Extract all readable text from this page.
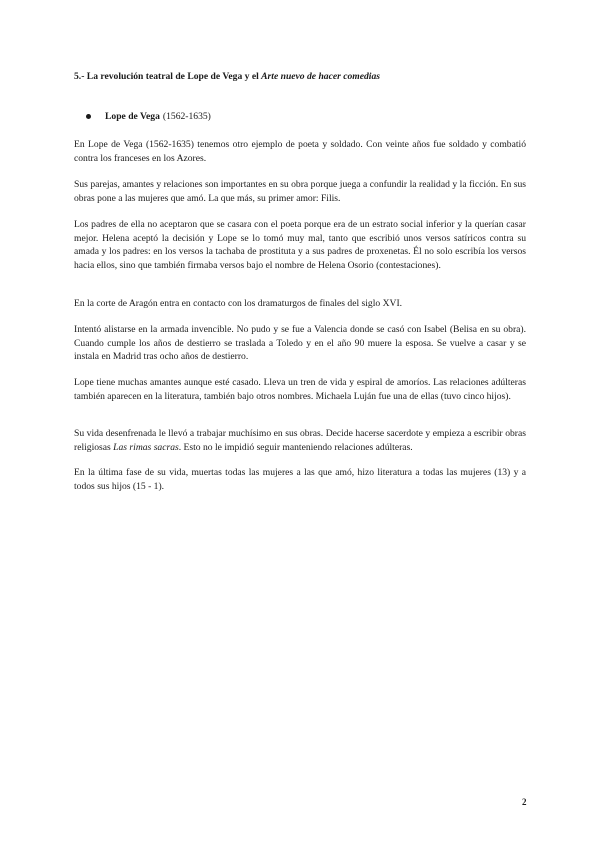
5.- La revolución teatral de Lope de Vega y el Arte nuevo de hacer comedias
Lope de Vega (1562-1635)

En Lope de Vega (1562-1635) tenemos otro ejemplo de poeta y soldado. Con veinte años fue soldado y combatió contra los franceses en los Azores.

Sus parejas, amantes y relaciones son importantes en su obra porque juega a confundir la realidad y la ficción. En sus obras pone a las mujeres que amó. La que más, su primer amor: Filis.

Los padres de ella no aceptaron que se casara con el poeta porque era de un estrato social inferior y la querían casar mejor. Helena aceptó la decisión y Lope se lo tomó muy mal, tanto que escribió unos versos satíricos contra su amada y los padres: en los versos la tachaba de prostituta y a sus padres de proxenetas. Él no solo escribía los versos hacia ellos, sino que también firmaba versos bajo el nombre de Helena Osorio (contestaciones).

En la corte de Aragón entra en contacto con los dramaturgos de finales del siglo XVI.

Intentó alistarse en la armada invencible. No pudo y se fue a Valencia donde se casó con Isabel (Belisa en su obra). Cuando cumple los años de destierro se traslada a Toledo y en el año 90 muere la esposa. Se vuelve a casar y se instala en Madrid tras ocho años de destierro.

Lope tiene muchas amantes aunque esté casado. Lleva un tren de vida y espiral de amoríos. Las relaciones adúlteras también aparecen en la literatura, también bajo otros nombres. Michaela Luján fue una de ellas (tuvo cinco hijos).

Su vida desenfrenada le llevó a trabajar muchísimo en sus obras. Decide hacerse sacerdote y empieza a escribir obras religiosas Las rimas sacras. Esto no le impidió seguir manteniendo relaciones adúlteras.

En la última fase de su vida, muertas todas las mujeres a las que amó, hizo literatura a todas las mujeres (13) y a todos sus hijos (15 - 1).

2
